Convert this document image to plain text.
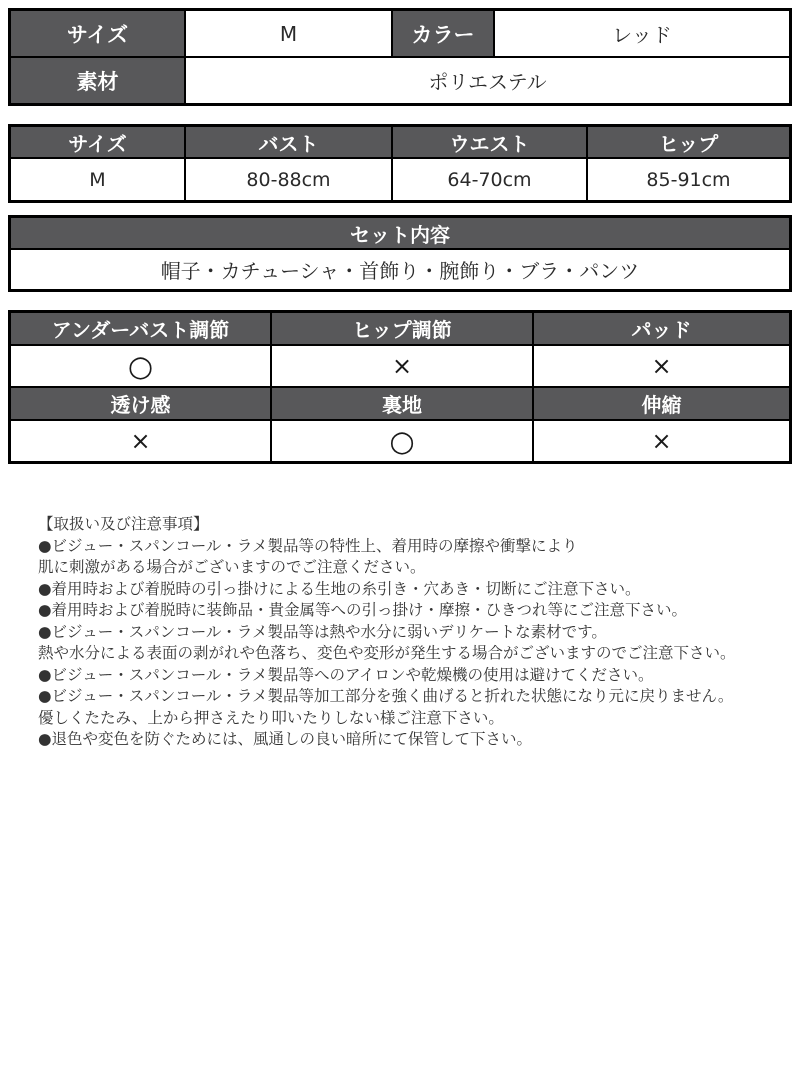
サイズ	M	カラー	レッド
素材	ポリエステル		
サイズ	バスト	ウエスト	ヒップ
M	80-88cm	64-70cm	85-91cm
セット内容
帽子・カチューシャ・首飾り・腕飾り・ブラ・パンツ
アンダーバスト調節	ヒップ調節	パッド
○	×	×
透け感	裏地	伸縮
×	○	×
【取扱い及び注意事項】
●ビジュー・スパンコール・ラメ製品等の特性上、着用時の摩擦や衝撃により
肌に刺激がある場合がございますのでご注意ください。
●着用時および着脱時の引っ掛けによる生地の糸引き・穴あき・切断にご注意下さい。
●着用時および着脱時に装飾品・貴金属等への引っ掛け・摩擦・ひきつれ等にご注意下さい。
●ビジュー・スパンコール・ラメ製品等は熱や水分に弱いデリケートな素材です。
熱や水分による表面の剥がれや色落ち、変色や変形が発生する場合がございますのでご注意下さい。
●ビジュー・スパンコール・ラメ製品等へのアイロンや乾燥機の使用は避けてください。
●ビジュー・スパンコール・ラメ製品等加工部分を強く曲げると折れた状態になり元に戻りません。
優しくたたみ、上から押さえたり叩いたりしない様ご注意下さい。
●退色や変色を防ぐためには、風通しの良い暗所にて保管して下さい。
